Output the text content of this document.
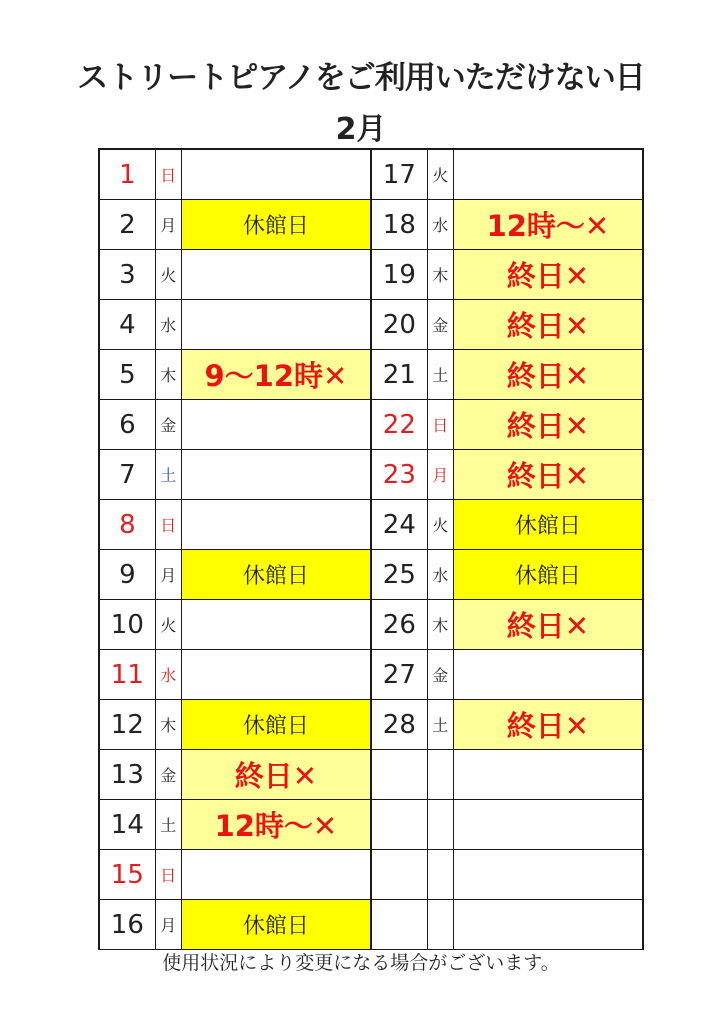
ストリートピアノをご利用いただけない日
2月
1	日		17	火	
2	月	休館日	18	水	12時～✕
3	火		19	木	終日✕
4	水		20	金	終日✕
5	木	9～12時✕	21	土	終日✕
6	金		22	日	終日✕
7	土		23	月	終日✕
8	日		24	火	休館日
9	月	休館日	25	水	休館日
10	火		26	木	終日✕
11	水		27	金	
12	木	休館日	28	土	終日✕
13	金	終日✕			
14	土	12時～✕			
15	日				
16	月	休館日			
使用状況により変更になる場合がございます。
